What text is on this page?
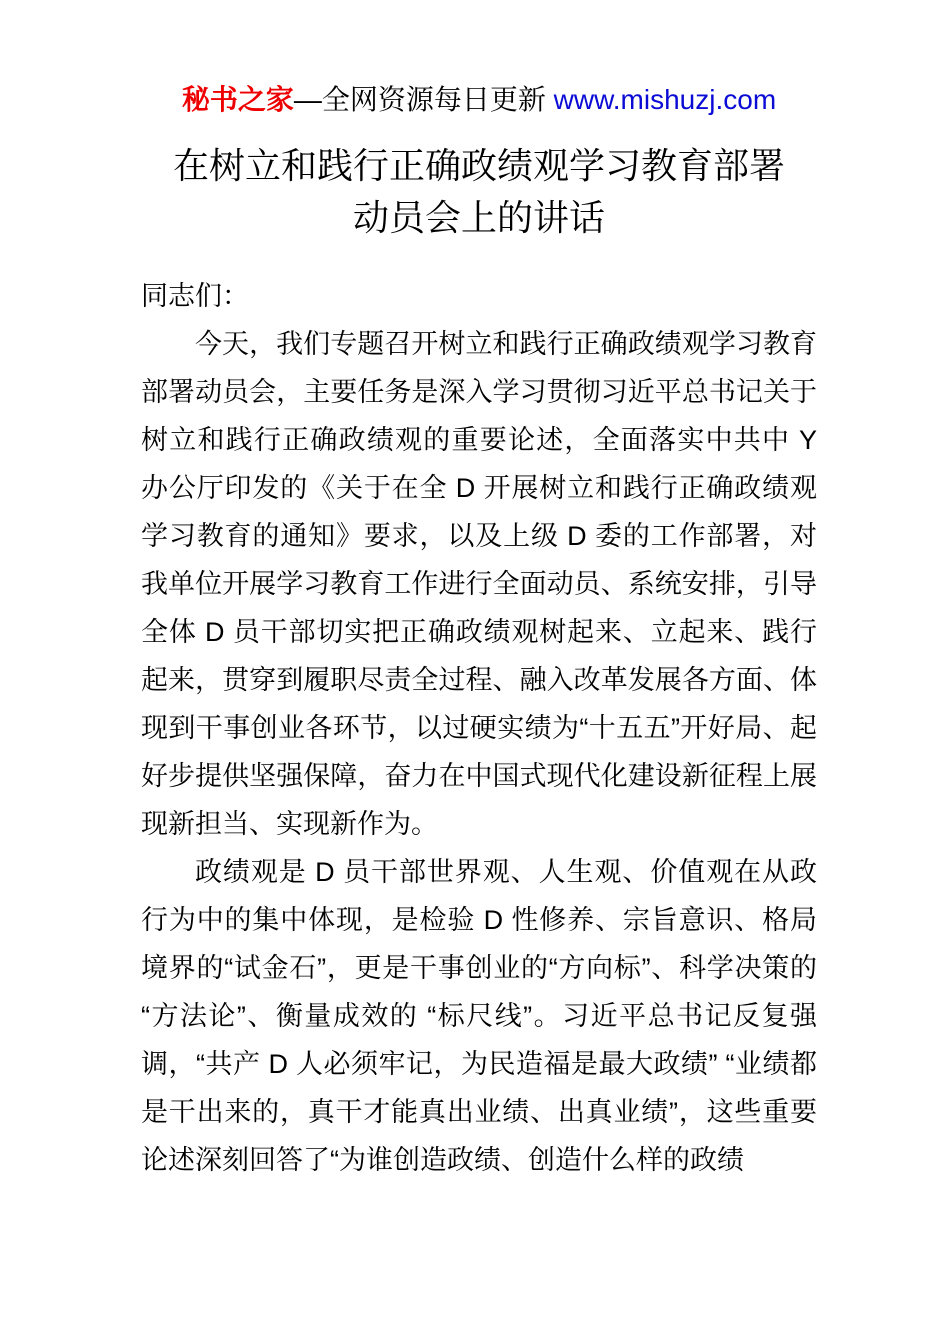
秘书之家—全网资源每日更新 www.mishuzj.com
在树立和践行正确政绩观学习教育部署
动员会上的讲话

同志们：

今天，我们专题召开树立和践行正确政绩观学习教育部署动员会，主要任务是深入学习贯彻习近平总书记关于树立和践行正确政绩观的重要论述，全面落实中共中 Y 办公厅印发的《关于在全 D 开展树立和践行正确政绩观学习教育的通知》要求，以及上级 D 委的工作部署，对我单位开展学习教育工作进行全面动员、系统安排，引导全体 D 员干部切实把正确政绩观树起来、立起来、践行起来，贯穿到履职尽责全过程、融入改革发展各方面、体现到干事创业各环节，以过硬实绩为“十五五”开好局、起好步提供坚强保障，奋力在中国式现代化建设新征程上展现新担当、实现新作为。

政绩观是 D 员干部世界观、人生观、价值观在从政行为中的集中体现，是检验 D 性修养、宗旨意识、格局境界的“试金石”，更是干事创业的“方向标”、科学决策的“方法论”、衡量成效的 “标尺线”。习近平总书记反复强调，“共产 D 人必须牢记，为民造福是最大政绩” “业绩都是干出来的，真干才能真出业绩、出真业绩”，这些重要论述深刻回答了“为谁创造政绩、创造什么样的政绩
